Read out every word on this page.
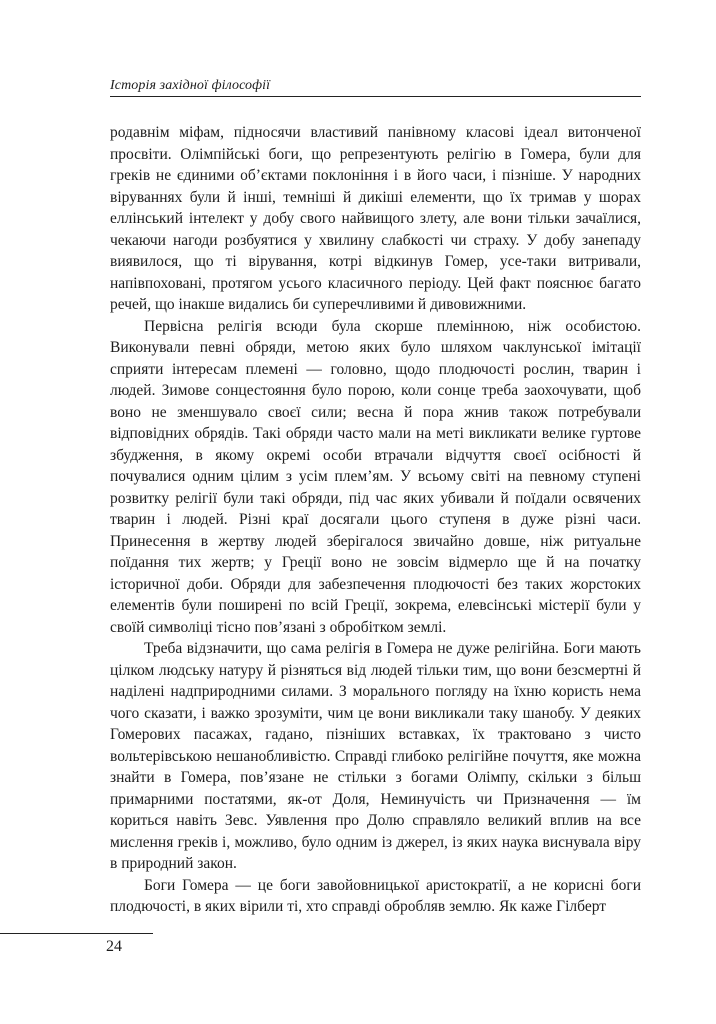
Історія західної філософії

родавнім міфам, підносячи властивий панівному класові ідеал витонченої просвіти. Олімпійські боги, що репрезентують релігію в Гомера, були для греків не єдиними об’єктами поклоніння і в його часи, і пізніше. У народних віруваннях були й інші, темніші й дикіші елементи, що їх тримав у шорах еллінський інтелект у добу свого найвищого злету, але вони тільки зачаїлися, чекаючи нагоди розбуятися у хвилину слабкості чи страху. У добу занепаду виявилося, що ті вірування, котрі відкинув Гомер, усе-таки витривали, напівпоховані, протягом усього класичного періоду. Цей факт пояснює багато речей, що інакше видались би суперечливими й дивовижними.

Первісна релігія всюди була скорше племінною, ніж особистою. Виконували певні обряди, метою яких було шляхом чаклунської імітації сприяти інтересам племені — головно, щодо плодючості рослин, тварин і людей. Зимове сонцестояння було порою, коли сонце треба заохочувати, щоб воно не зменшувало своєї сили; весна й пора жнив також потребували відповідних обрядів. Такі обряди часто мали на меті викликати велике гуртове збудження, в якому окремі особи втрачали відчуття своєї осібності й почувалися одним цілим з усім плем’ям. У всьому світі на певному ступені розвитку релігії були такі обряди, під час яких убивали й поїдали освячених тварин і людей. Різні краї досягали цього ступеня в дуже різні часи. Принесення в жертву людей зберігалося звичайно довше, ніж ритуальне поїдання тих жертв; у Греції воно не зовсім відмерло ще й на початку історичної доби. Обряди для забезпечення плодючості без таких жорстоких елементів були поширені по всій Греції, зокрема, елевсінські містерії були у своїй символіці тісно пов’язані з обробітком землі.

Треба відзначити, що сама релігія в Гомера не дуже релігійна. Боги мають цілком людську натуру й різняться від людей тільки тим, що вони безсмертні й наділені надприродними силами. З морального погляду на їхню користь нема чого сказати, і важко зрозуміти, чим це вони викликали таку шанобу. У деяких Гомерових пасажах, гадано, пізніших вставках, їх трактовано з чисто вольтерівською нешанобливістю. Справді глибоко релігійне почуття, яке можна знайти в Гомера, пов’язане не стільки з богами Олімпу, скільки з більш примарними постатями, як-от Доля, Неминучість чи Призначення — їм кориться навіть Зевс. Уявлення про Долю справляло великий вплив на все мислення греків і, можливо, було одним із джерел, із яких наука виснувала віру в природний закон.

Боги Гомера — це боги завойовницької аристократії, а не корисні боги плодючості, в яких вірили ті, хто справді обробляв землю. Як каже Гілберт

24
